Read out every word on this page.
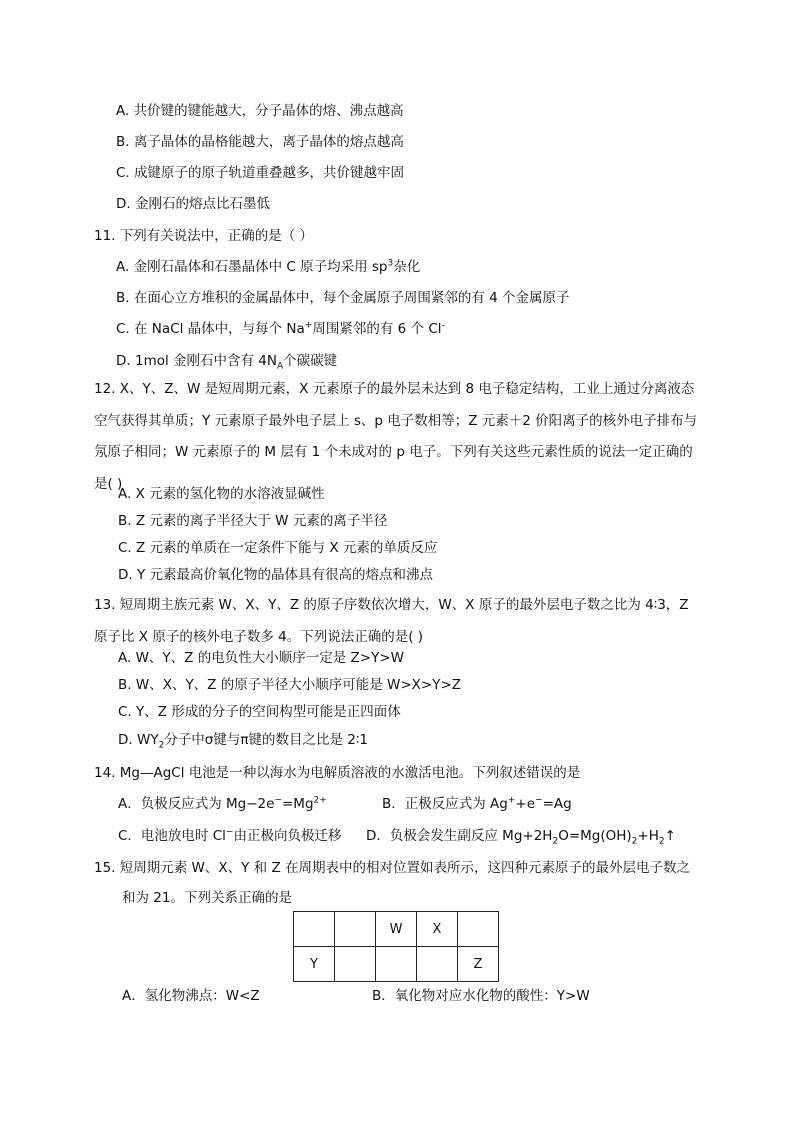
A. 共价键的键能越大，分子晶体的熔、沸点越高
B. 离子晶体的晶格能越大，离子晶体的熔点越高
C. 成键原子的原子轨道重叠越多，共价键越牢固
D. 金刚石的熔点比石墨低
11. 下列有关说法中，正确的是（ ）
A. 金刚石晶体和石墨晶体中 C 原子均采用 $sp^3$杂化
B. 在面心立方堆积的金属晶体中，每个金属原子周围紧邻的有 4 个金属原子
C. 在 NaCl 晶体中，与每个 Na+周围紧邻的有 6 个 Cl-
D. 1mol 金刚石中含有 $4N_A$个碳碳键
12. X、Y、Z、W 是短周期元素，X 元素原子的最外层未达到 8 电子稳定结构，工业上通过分离液态空气获得其单质；Y 元素原子最外电子层上 s、p 电子数相等；Z 元素＋2 价阳离子的核外电子排布与氖原子相同；W 元素原子的 M 层有 1 个未成对的 p 电子。下列有关这些元素性质的说法一定正确的是( )
A. X 元素的氢化物的水溶液显碱性
B. Z 元素的离子半径大于 W 元素的离子半径
C. Z 元素的单质在一定条件下能与 X 元素的单质反应
D. Y 元素最高价氧化物的晶体具有很高的熔点和沸点
13. 短周期主族元素 W、X、Y、Z 的原子序数依次增大，W、X 原子的最外层电子数之比为 4∶3，Z 原子比 X 原子的核外电子数多 4。下列说法正确的是( )
A. W、Y、Z 的电负性大小顺序一定是 Z>Y>W
B. W、X、Y、Z 的原子半径大小顺序可能是 W>X>Y>Z
C. Y、Z 形成的分子的空间构型可能是正四面体
D. $WY_2$分子中σ键与π键的数目之比是 2∶1
14. Mg—AgCl 电池是一种以海水为电解质溶液的水激活电池。下列叙述错误的是
A．负极反应式为 $Mg-2e^-=Mg^{2+}$	B．正极反应式为 Ag++e−=Ag
C．电池放电时 Cl−由正极向负极迁移 D．负极会发生副反应 $Mg+2H_2O=Mg(OH)_2+H_2↑$
15. 短周期元素 W、X、Y 和 Z 在周期表中的相对位置如表所示，这四种元素原子的最外层电子数之
和为 21。下列关系正确的是
		W	X	
Y				Z
A．氢化物沸点：W<Z	B．氧化物对应水化物的酸性：Y>W
